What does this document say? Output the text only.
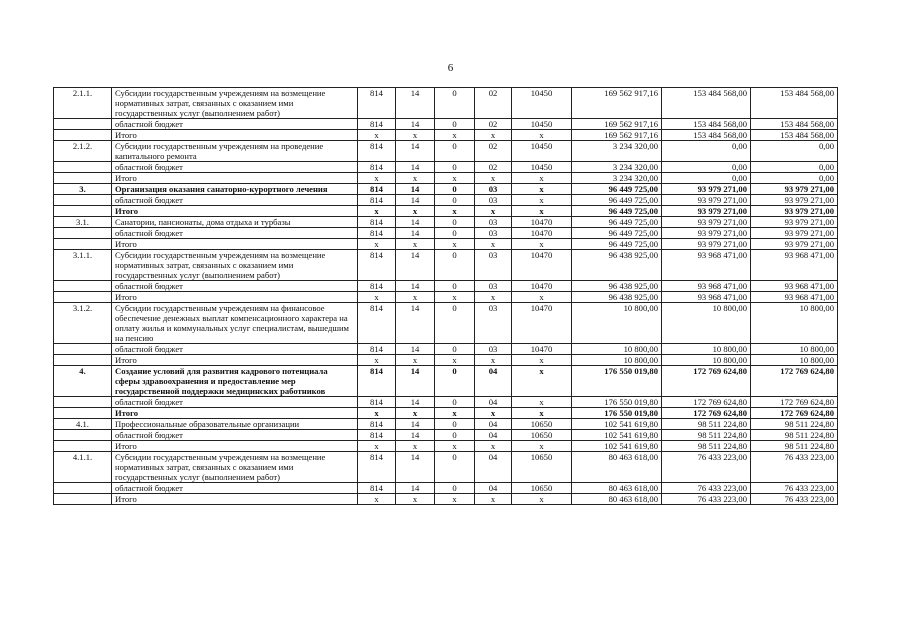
6
2.1.1.	Субсидии государственным учреждениям на возмещение нормативных затрат, связанных с оказанием ими государственных услуг (выполнением работ)	814	14	0	02	10450	169 562 917,16	153 484 568,00	153 484 568,00
	областной бюджет	814	14	0	02	10450	169 562 917,16	153 484 568,00	153 484 568,00
	Итого	х	х	х	х	х	169 562 917,16	153 484 568,00	153 484 568,00
2.1.2.	Субсидии государственным учреждениям на проведение капитального ремонта	814	14	0	02	10450	3 234 320,00	0,00	0,00
	областной бюджет	814	14	0	02	10450	3 234 320,00	0,00	0,00
	Итого	х	х	х	х	х	3 234 320,00	0,00	0,00
3.	Организация оказания санаторно-курортного лечения	814	14	0	03	х	96 449 725,00	93 979 271,00	93 979 271,00
	областной бюджет	814	14	0	03	х	96 449 725,00	93 979 271,00	93 979 271,00
	Итого	х	х	х	х	х	96 449 725,00	93 979 271,00	93 979 271,00
3.1.	Санатории, пансионаты, дома отдыха и турбазы	814	14	0	03	10470	96 449 725,00	93 979 271,00	93 979 271,00
	областной бюджет	814	14	0	03	10470	96 449 725,00	93 979 271,00	93 979 271,00
	Итого	х	х	х	х	х	96 449 725,00	93 979 271,00	93 979 271,00
3.1.1.	Субсидии государственным учреждениям на возмещение нормативных затрат, связанных с оказанием ими государственных услуг (выполнением работ)	814	14	0	03	10470	96 438 925,00	93 968 471,00	93 968 471,00
	областной бюджет	814	14	0	03	10470	96 438 925,00	93 968 471,00	93 968 471,00
	Итого	х	х	х	х	х	96 438 925,00	93 968 471,00	93 968 471,00
3.1.2.	Субсидии государственным учреждениям на финансовое обеспечение денежных выплат компенсационного характера на оплату жилья и коммунальных услуг специалистам, вышедшим на пенсию	814	14	0	03	10470	10 800,00	10 800,00	10 800,00
	областной бюджет	814	14	0	03	10470	10 800,00	10 800,00	10 800,00
	Итого	х	х	х	х	х	10 800,00	10 800,00	10 800,00
4.	Создание условий для развития кадрового потенциала сферы здравоохранения и предоставление мер государственной поддержки медицинских работников	814	14	0	04	х	176 550 019,80	172 769 624,80	172 769 624,80
	областной бюджет	814	14	0	04	х	176 550 019,80	172 769 624,80	172 769 624,80
	Итого	х	х	х	х	х	176 550 019,80	172 769 624,80	172 769 624,80
4.1.	Профессиональные образовательные организации	814	14	0	04	10650	102 541 619,80	98 511 224,80	98 511 224,80
	областной бюджет	814	14	0	04	10650	102 541 619,80	98 511 224,80	98 511 224,80
	Итого	х	х	х	х	х	102 541 619,80	98 511 224,80	98 511 224,80
4.1.1.	Субсидии государственным учреждениям на возмещение нормативных затрат, связанных с оказанием ими государственных услуг (выполнением работ)	814	14	0	04	10650	80 463 618,00	76 433 223,00	76 433 223,00
	областной бюджет	814	14	0	04	10650	80 463 618,00	76 433 223,00	76 433 223,00
	Итого	х	х	х	х	х	80 463 618,00	76 433 223,00	76 433 223,00
